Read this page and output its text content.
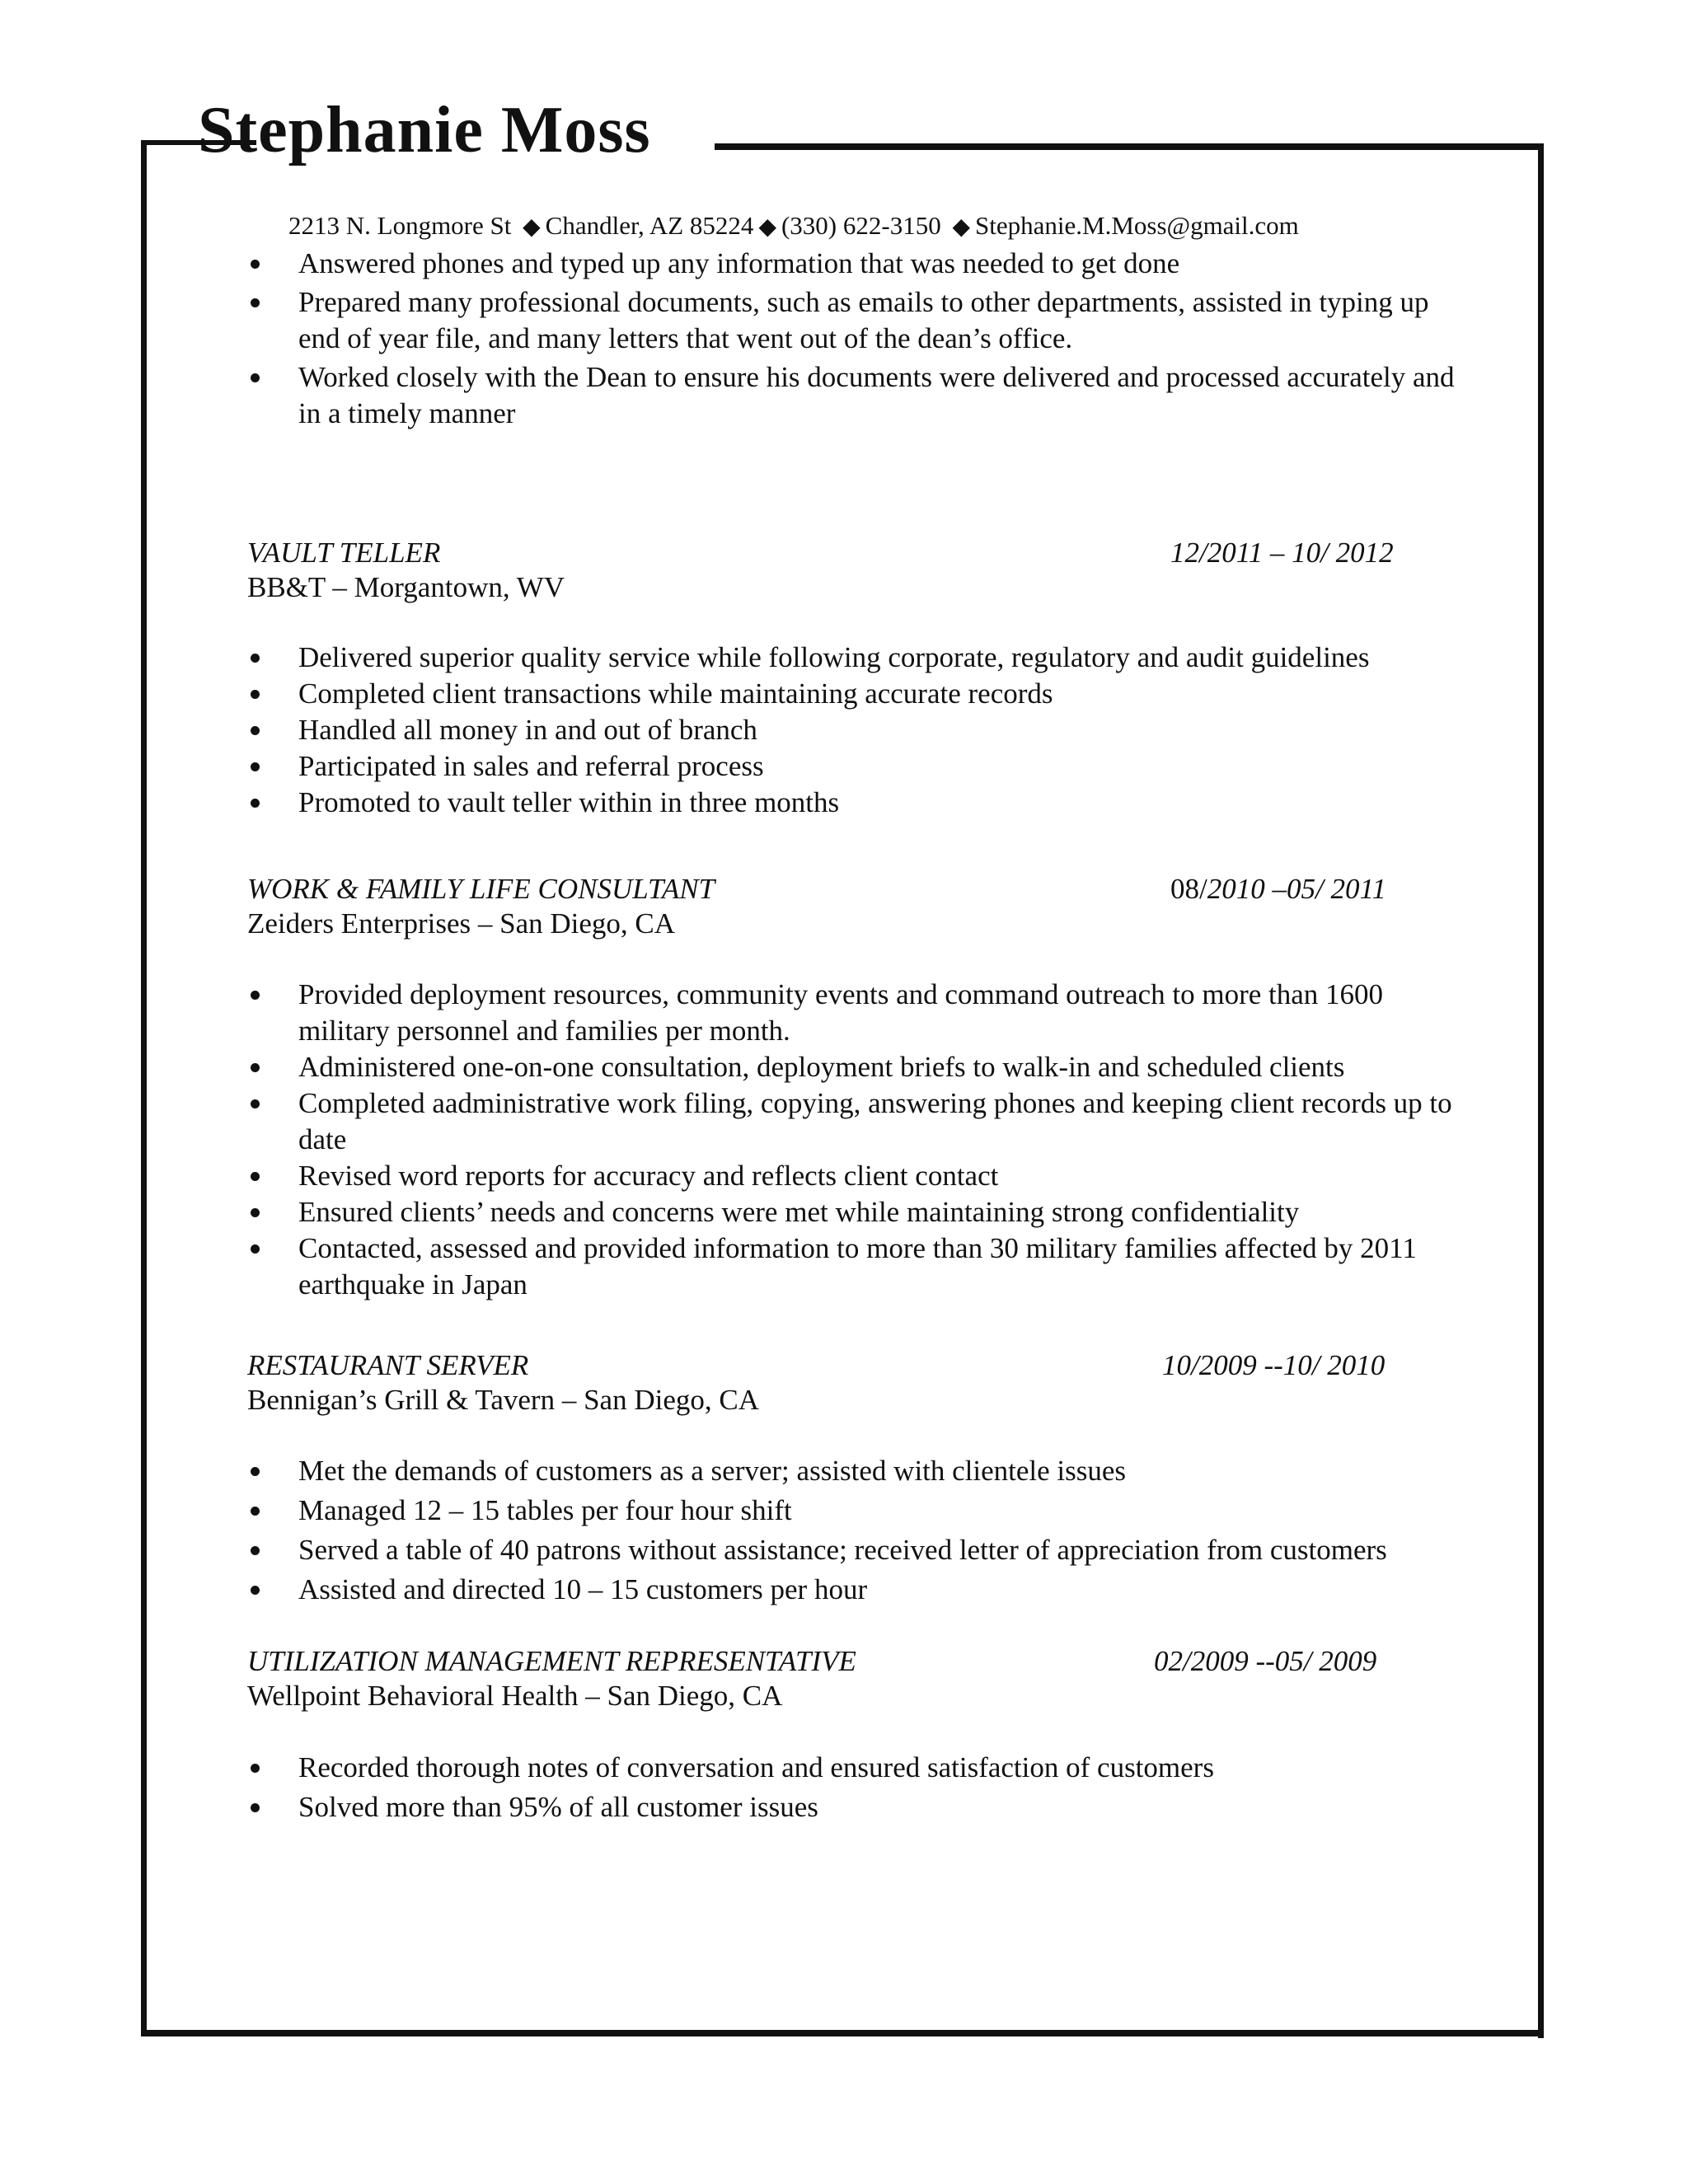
Stephanie Moss
2213 N. Longmore St ◆ Chandler, AZ 85224 ◆ (330) 622-3150 ◆ Stephanie.M.Moss@gmail.com
Answered phones and typed up any information that was needed to get done
Prepared many professional documents, such as emails to other departments, assisted in typing up end of year file, and many letters that went out of the dean’s office.
Worked closely with the Dean to ensure his documents were delivered and processed accurately and in a timely manner
VAULT TELLER	12/2011 – 10/ 2012
BB&T – Morgantown, WV
Delivered superior quality service while following corporate, regulatory and audit guidelines
Completed client transactions while maintaining accurate records
Handled all money in and out of branch
Participated in sales and referral process
Promoted to vault teller within in three months
WORK & FAMILY LIFE CONSULTANT	08/2010 –05/ 2011
Zeiders Enterprises – San Diego, CA
Provided deployment resources, community events and command outreach to more than 1600 military personnel and families per month.
Administered one-on-one consultation, deployment briefs to walk-in and scheduled clients
Completed aadministrative work filing, copying, answering phones and keeping client records up to date
Revised word reports for accuracy and reflects client contact
Ensured clients’ needs and concerns were met while maintaining strong confidentiality
Contacted, assessed and provided information to more than 30 military families affected by 2011 earthquake in Japan
RESTAURANT SERVER	10/2009 --10/ 2010
Bennigan’s Grill & Tavern – San Diego, CA
Met the demands of customers as a server; assisted with clientele issues
Managed 12 – 15 tables per four hour shift
Served a table of 40 patrons without assistance; received letter of appreciation from customers
Assisted and directed 10 – 15 customers per hour
UTILIZATION MANAGEMENT REPRESENTATIVE	02/2009 --05/ 2009
Wellpoint Behavioral Health – San Diego, CA
Recorded thorough notes of conversation and ensured satisfaction of customers
Solved more than 95% of all customer issues
